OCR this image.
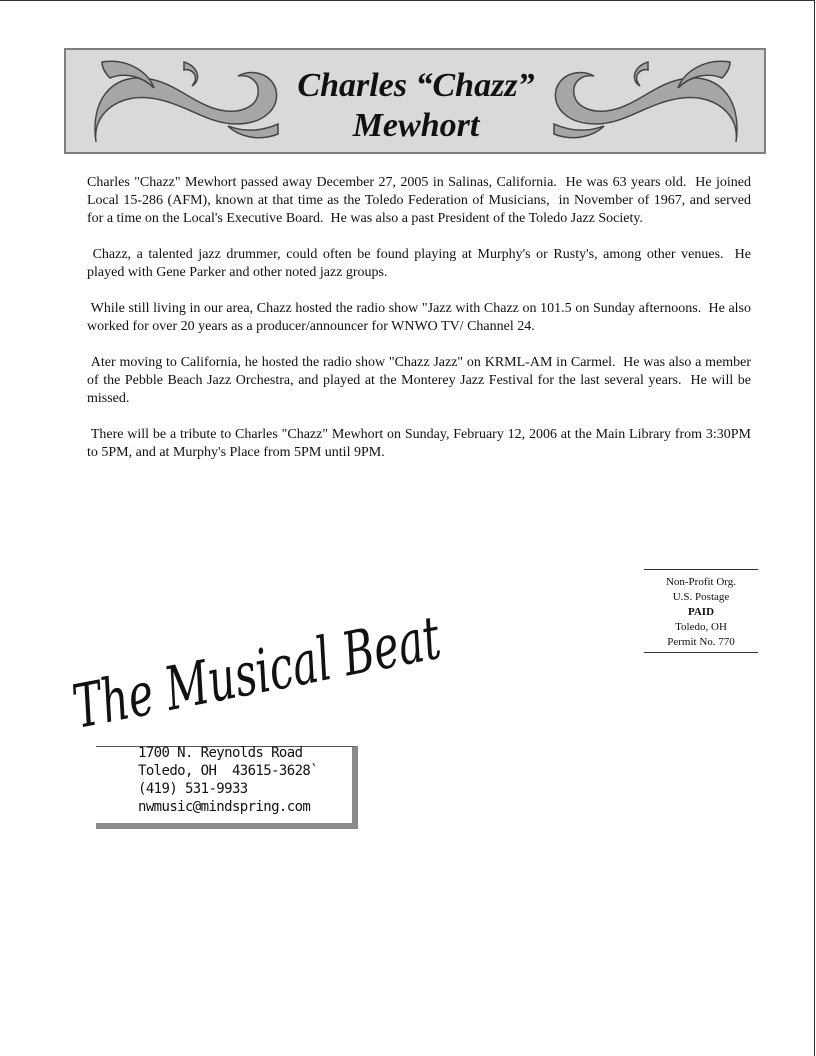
Charles “Chazz”
Mewhort

Charles "Chazz" Mewhort passed away December 27, 2005 in Salinas, California.  He was 63 years old.  He joined Local 15-286 (AFM), known at that time as the Toledo Federation of Musicians,  in November of 1967, and served for a time on the Local's Executive Board.  He was also a past President of the Toledo Jazz Society.

Chazz, a talented jazz drummer, could often be found playing at Murphy's or Rusty's, among other venues.  He played with Gene Parker and other noted jazz groups.

While still living in our area, Chazz hosted the radio show "Jazz with Chazz on 101.5 on Sunday afternoons.  He also worked for over 20 years as a producer/announcer for WNWO TV/ Channel 24.

Ater moving to California, he hosted the radio show "Chazz Jazz" on KRML-AM in Carmel.  He was also a member of the Pebble Beach Jazz Orchestra, and played at the Monterey Jazz Festival for the last several years.  He will be missed.

There will be a tribute to Charles "Chazz" Mewhort on Sunday, February 12, 2006 at the Main Library from 3:30PM to 5PM, and at Murphy's Place from 5PM until 9PM.

Non-Profit Org.
U.S. Postage
PAID
Toledo, OH
Permit No. 770
The Musical Beat
1700 N. Reynolds Road
Toledo, OH  43615-3628`
(419) 531-9933
nwmusic@mindspring.com
